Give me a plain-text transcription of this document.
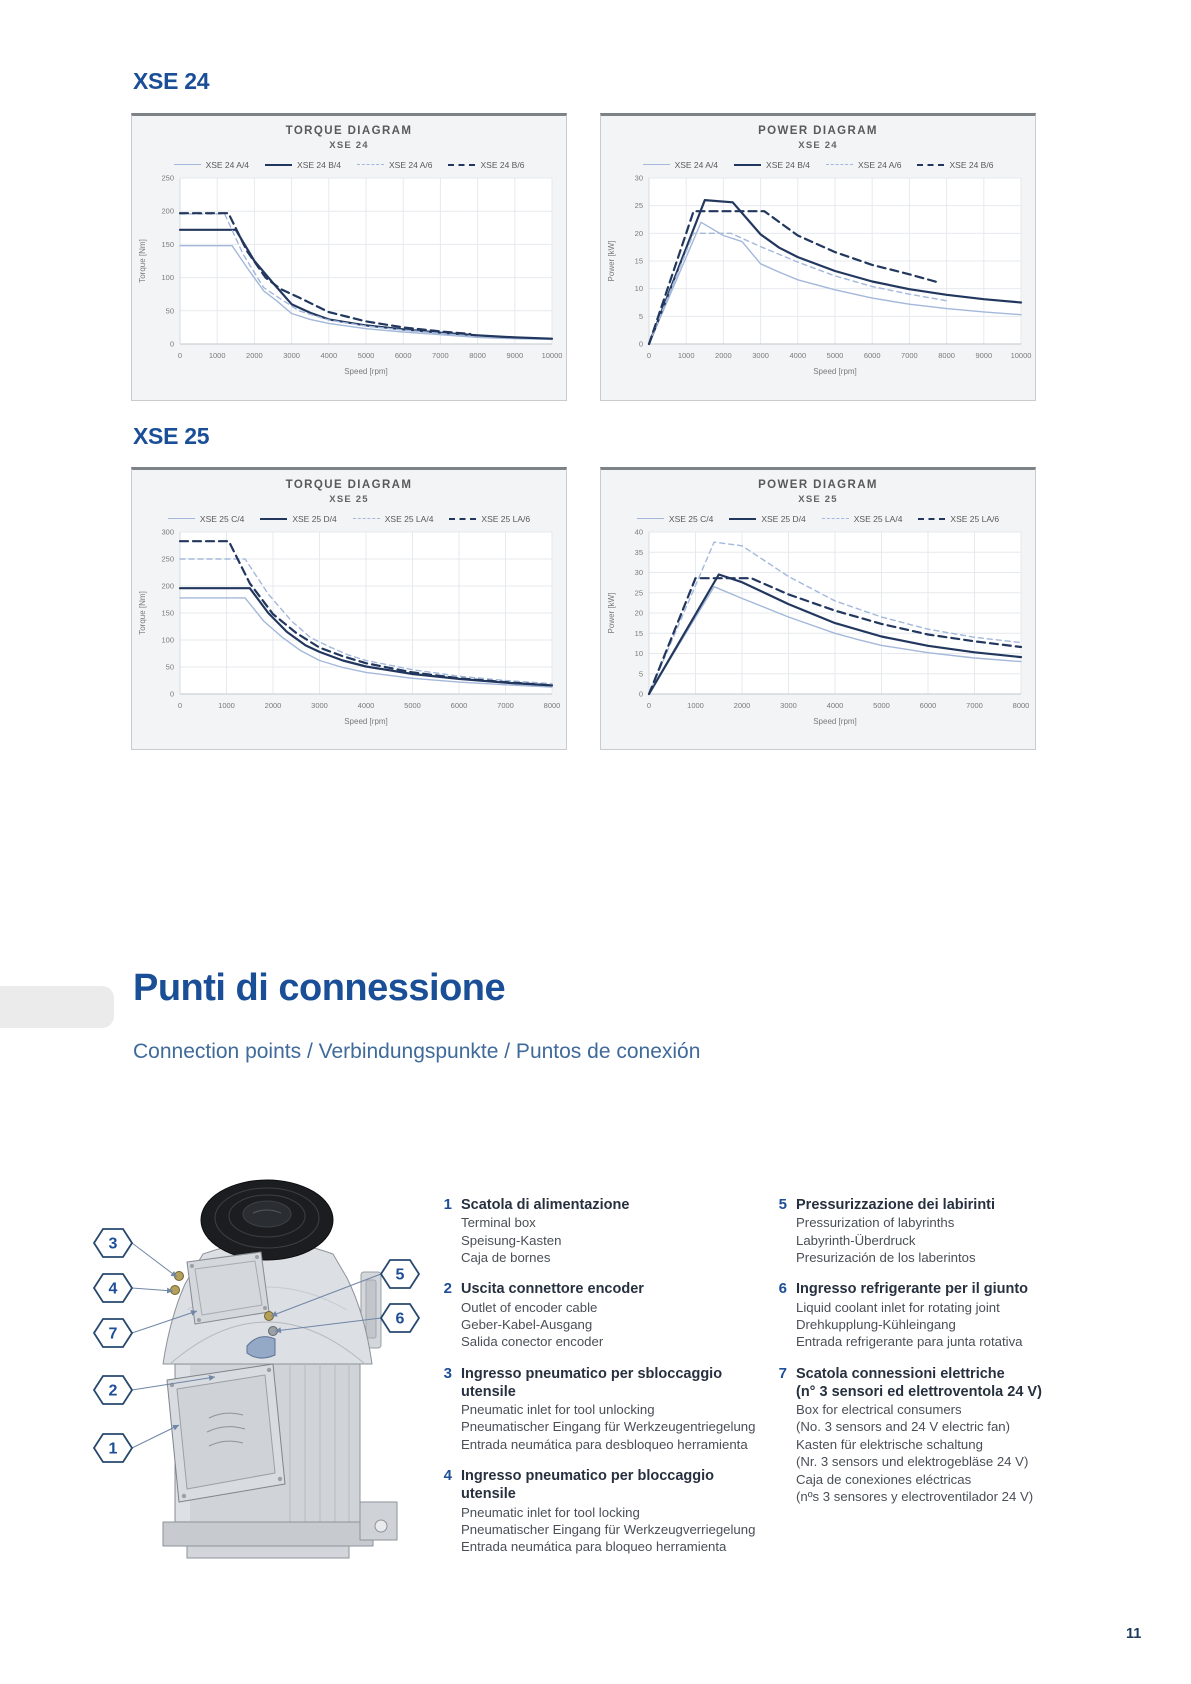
XSE 24
TORQUE DIAGRAM
XSE 24
XSE 24 A/4	XSE 24 B/4	XSE 24 A/6	XSE 24 B/6
0	1000	2000	3000	4000	5000	6000	7000	8000	9000 10000
0
50
100
150
200
250
Speed [rpm]
Torque [Nm]
POWER DIAGRAM
XSE 24
XSE 24 A/4	XSE 24 B/4	XSE 24 A/6	XSE 24 B/6
0	1000	2000	3000	4000	5000	6000	7000	8000	9000 10000
0
5
10
15
20
25
30
Speed [rpm]
Power [kW]
XSE 25
TORQUE DIAGRAM
XSE 25
XSE 25 C/4	XSE 25 D/4	XSE 25 LA/4	XSE 25 LA/6
0	1000	2000	3000	4000	5000	6000	7000	8000
0
50
100
150
200
250
300
Speed [rpm]
Torque [Nm]
POWER DIAGRAM
XSE 25
XSE 25 C/4	XSE 25 D/4	XSE 25 LA/4	XSE 25 LA/6
0	1000	2000	3000	4000	5000	6000	7000	8000
0
5
10
15
20
25
30
35
40
Speed [rpm]
Power [kW]
Punti di connessione
Connection points / Verbindungspunkte / Puntos de conexión
3
4
7
2
1
5
6
1 Scatola di alimentazione
Terminal box
Speisung-Kasten
Caja de bornes
2 Uscita connettore encoder
Outlet of encoder cable
Geber-Kabel-Ausgang
Salida conector encoder
3 Ingresso pneumatico per sbloccaggio utensile
Pneumatic inlet for tool unlocking
Pneumatischer Eingang für Werkzeugentriegelung
Entrada neumática para desbloqueo herramienta
4 Ingresso pneumatico per bloccaggio utensile
Pneumatic inlet for tool locking
Pneumatischer Eingang für Werkzeugverriegelung
Entrada neumática para bloqueo herramienta
5 Pressurizzazione dei labirinti
Pressurization of labyrinths
Labyrinth-Überdruck
Presurización de los laberintos
6 Ingresso refrigerante per il giunto
Liquid coolant inlet for rotating joint
Drehkupplung-Kühleingang
Entrada refrigerante para junta rotativa
7 Scatola connessioni elettriche
(n° 3 sensori ed elettroventola 24 V)
Box for electrical consumers
(No. 3 sensors and 24 V electric fan)
Kasten für elektrische schaltung
(Nr. 3 sensors und elektrogebläse 24 V)
Caja de conexiones eléctricas
(nºs 3 sensores y electroventilador 24 V)
11
